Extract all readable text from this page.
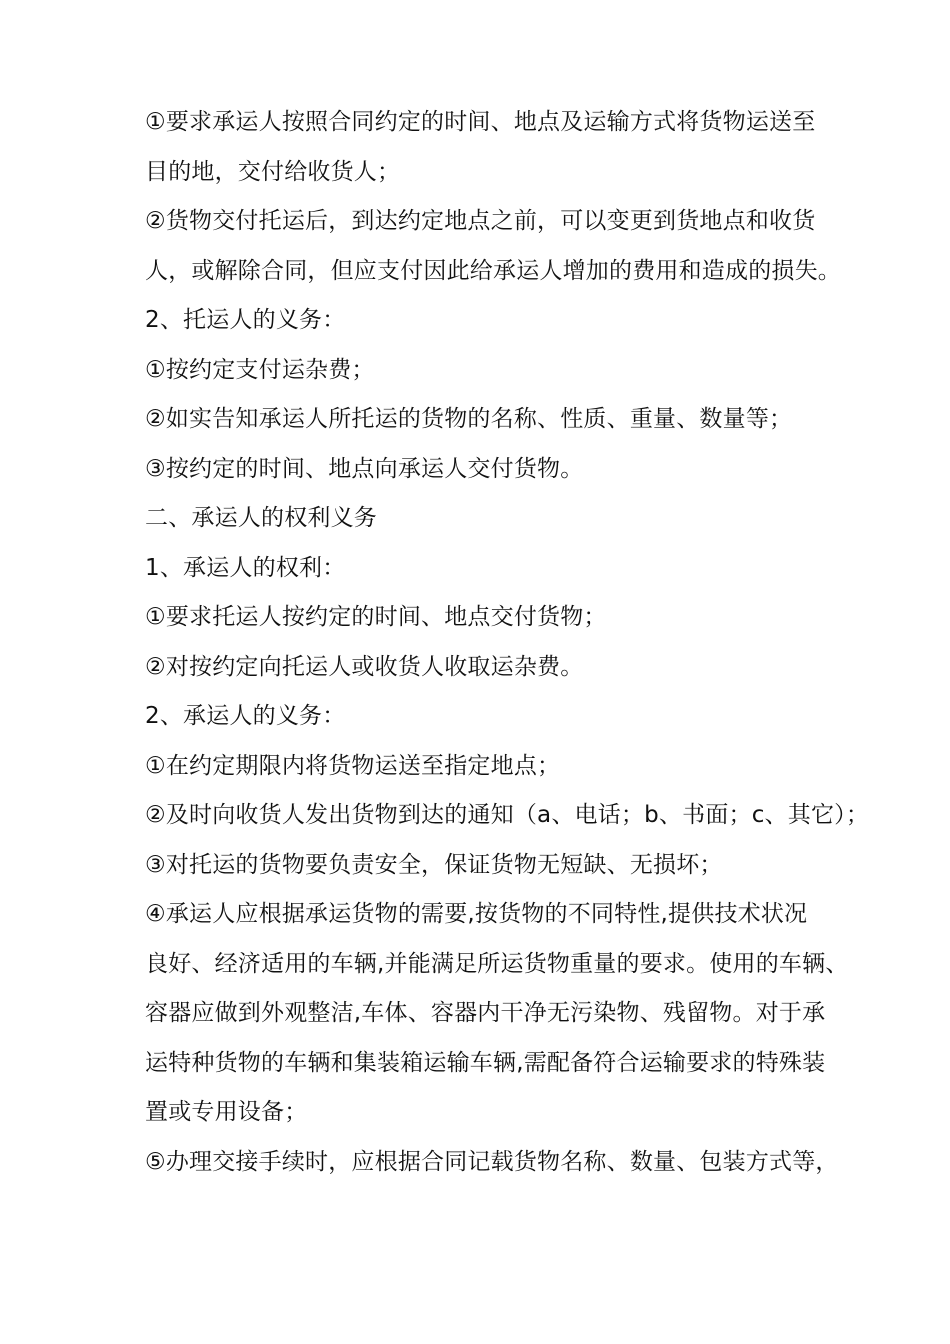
①要求承运人按照合同约定的时间、地点及运输方式将货物运送至
目的地，交付给收货人；
②货物交付托运后，到达约定地点之前，可以变更到货地点和收货
人，或解除合同，但应支付因此给承运人增加的费用和造成的损失。
2、托运人的义务：
①按约定支付运杂费；
②如实告知承运人所托运的货物的名称、性质、重量、数量等；
③按约定的时间、地点向承运人交付货物。
二、承运人的权利义务
1、承运人的权利：
①要求托运人按约定的时间、地点交付货物；
②对按约定向托运人或收货人收取运杂费。
2、承运人的义务：
①在约定期限内将货物运送至指定地点；
②及时向收货人发出货物到达的通知（a、电话；b、书面；c、其它）；
③对托运的货物要负责安全，保证货物无短缺、无损坏；
④承运人应根据承运货物的需要,按货物的不同特性,提供技术状况
良好、经济适用的车辆,并能满足所运货物重量的要求。使用的车辆、
容器应做到外观整洁,车体、容器内干净无污染物、残留物。对于承
运特种货物的车辆和集装箱运输车辆,需配备符合运输要求的特殊装
置或专用设备；
⑤办理交接手续时，应根据合同记载货物名称、数量、包装方式等，
